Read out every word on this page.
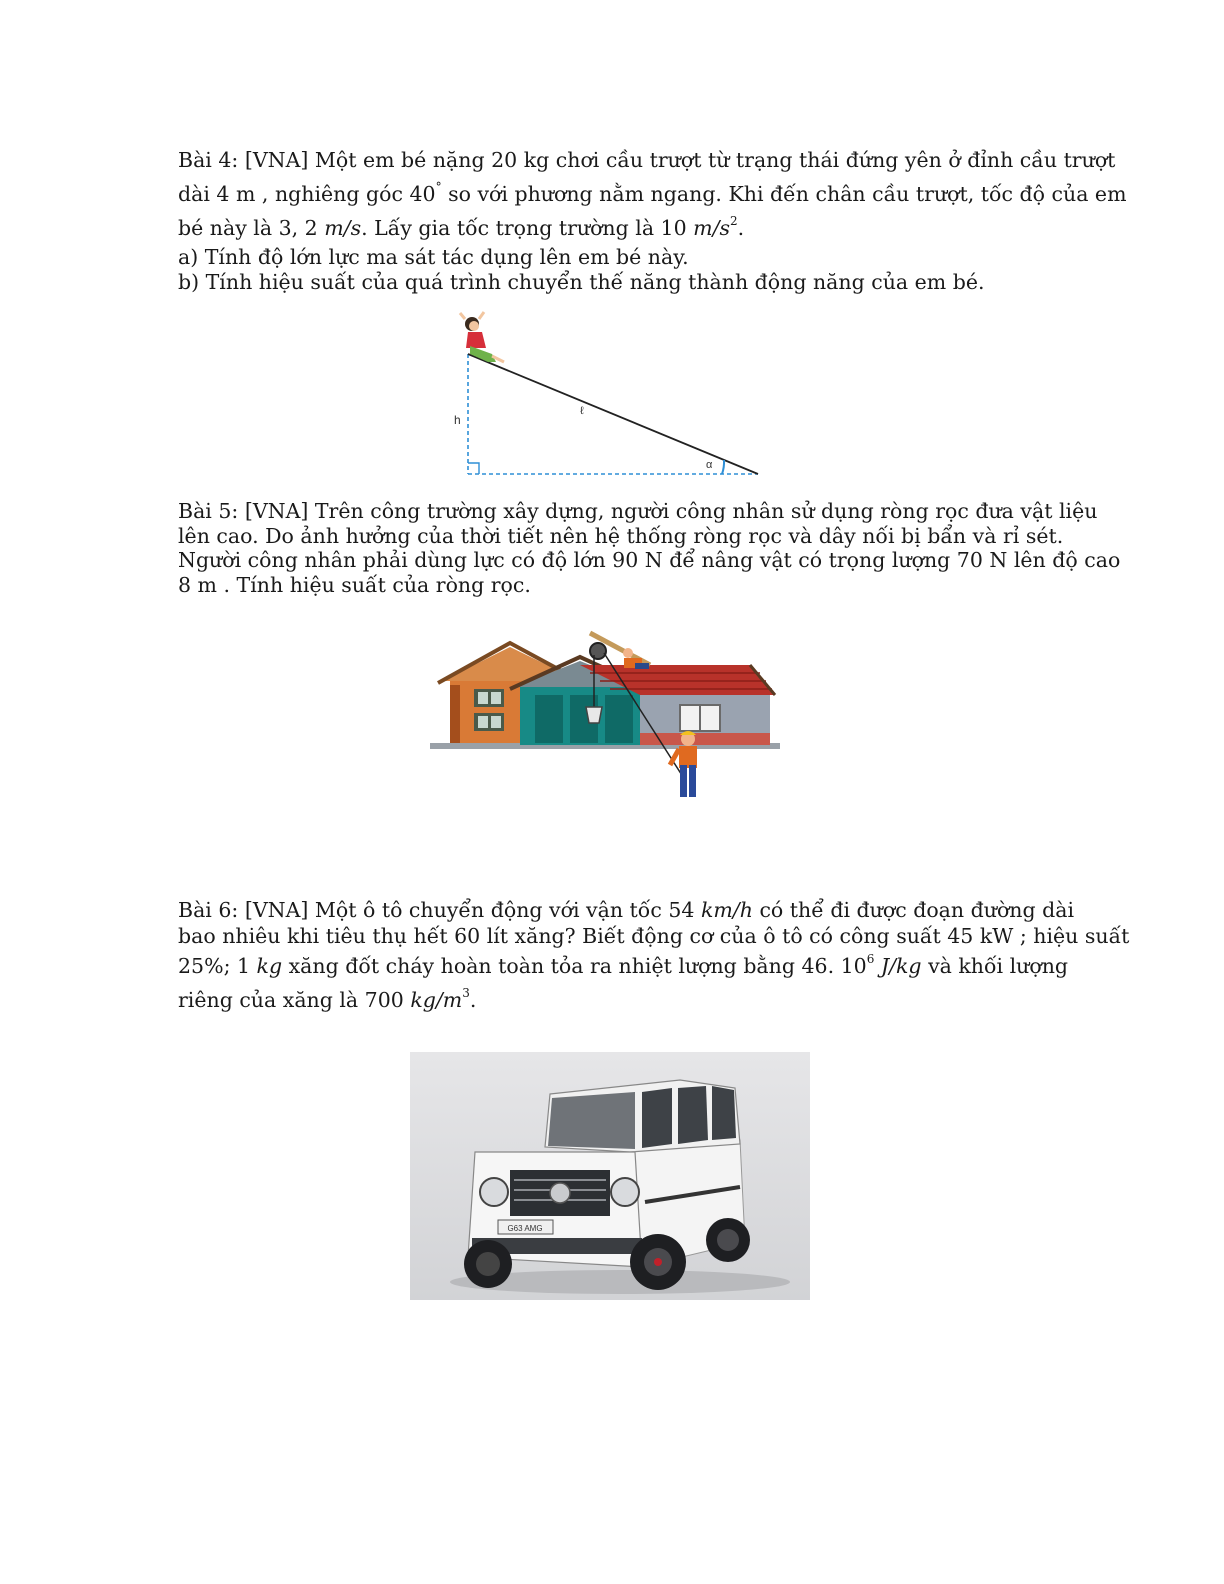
Bài 4: [VNA] Một em bé nặng 20 kg chơi cầu trượt từ trạng thái đứng yên ở đỉnh cầu trượt
dài 4 m , nghiêng góc 40° so với phương nằm ngang. Khi đến chân cầu trượt, tốc độ của em
bé này là 3, 2 m/s. Lấy gia tốc trọng trường là 10 $m/s^2$.
a) Tính độ lớn lực ma sát tác dụng lên em bé này.
b) Tính hiệu suất của quá trình chuyển thế năng thành động năng của em bé.
h
ℓ
α
Bài 5: [VNA] Trên công trường xây dựng, người công nhân sử dụng ròng rọc đưa vật liệu
lên cao. Do ảnh hưởng của thời tiết nên hệ thống ròng rọc và dây nối bị bẩn và rỉ sét.
Người công nhân phải dùng lực có độ lớn 90 N để nâng vật có trọng lượng 70 N lên độ cao
8 m . Tính hiệu suất của ròng rọc.
Bài 6: [VNA] Một ô tô chuyển động với vận tốc 54 km/h có thể đi được đoạn đường dài
bao nhiêu khi tiêu thụ hết 60 lít xăng? Biết động cơ của ô tô có công suất 45 kW ; hiệu suất
25%; 1 kg xăng đốt cháy hoàn toàn tỏa ra nhiệt lượng bằng 46. $10^6$ J/kg và khối lượng
riêng của xăng là 700 $kg/m^3$.
G63 AMG
